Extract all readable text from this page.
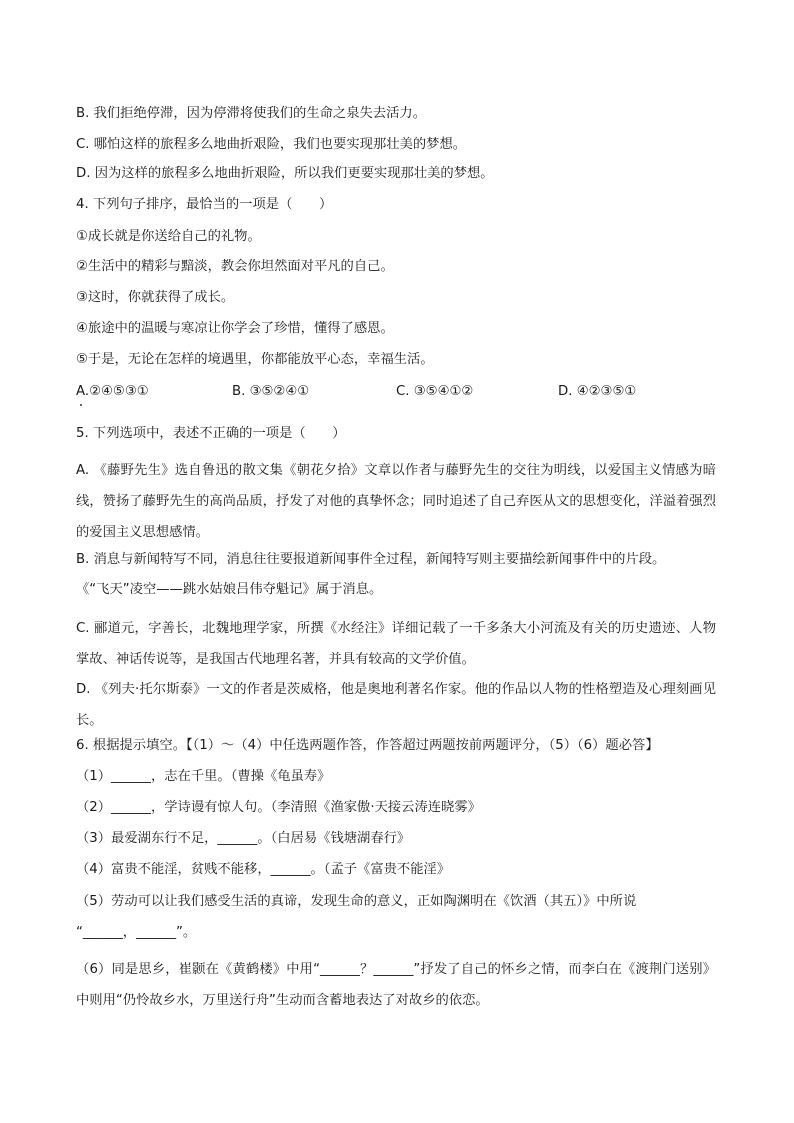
B. 我们拒绝停滞，因为停滞将使我们的生命之泉失去活力。
C. 哪怕这样的旅程多么地曲折艰险，我们也要实现那壮美的梦想。
D. 因为这样的旅程多么地曲折艰险，所以我们更要实现那壮美的梦想。
4. 下列句子排序，最恰当的一项是（　　）
①成长就是你送给自己的礼物。
②生活中的精彩与黯淡，教会你坦然面对平凡的自己。
③这时，你就获得了成长。
④旅途中的温暖与寒凉让你学会了珍惜，懂得了感恩。
⑤于是，无论在怎样的境遇里，你都能放平心态，幸福生活。
A.②④⑤③①	B. ③⑤②④①	C. ③⑤④①②	D. ④②③⑤①
5. 下列选项中，表述不正确的一项是（　　）
A. 《藤野先生》选自鲁迅的散文集《朝花夕拾》文章以作者与藤野先生的交往为明线，以爱国主义情感为暗线，赞扬了藤野先生的高尚品质，抒发了对他的真挚怀念；同时追述了自己弃医从文的思想变化，洋溢着强烈的爱国主义思想感情。
B. 消息与新闻特写不同，消息往往要报道新闻事件全过程，新闻特写则主要描绘新闻事件中的片段。
《“飞天”凌空——跳水姑娘吕伟夺魁记》属于消息。
C. 郦道元，字善长，北魏地理学家，所撰《水经注》详细记载了一千多条大小河流及有关的历史遗迹、人物掌故、神话传说等，是我国古代地理名著，并具有较高的文学价值。
D. 《列夫·托尔斯泰》一文的作者是茨威格，他是奥地利著名作家。他的作品以人物的性格塑造及心理刻画见长。
6. 根据提示填空。【（1）～（4）中任选两题作答，作答超过两题按前两题评分，（5）（6）题必答】
（1）______，志在千里。（曹操《龟虽寿》
（2）______，学诗谩有惊人句。（李清照《渔家傲·天接云涛连晓雾》
（3）最爱湖东行不足，______。（白居易《钱塘湖春行》
（4）富贵不能淫，贫贱不能移，______。（孟子《富贵不能淫》
（5）劳动可以让我们感受生活的真谛，发现生命的意义，正如陶渊明在《饮酒（其五）》中所说
“______，______”。
（6）同是思乡，崔颢在《黄鹤楼》中用“______？______”抒发了自己的怀乡之情，而李白在《渡荆门送别》中则用“仍怜故乡水，万里送行舟”生动而含蓄地表达了对故乡的依恋。
